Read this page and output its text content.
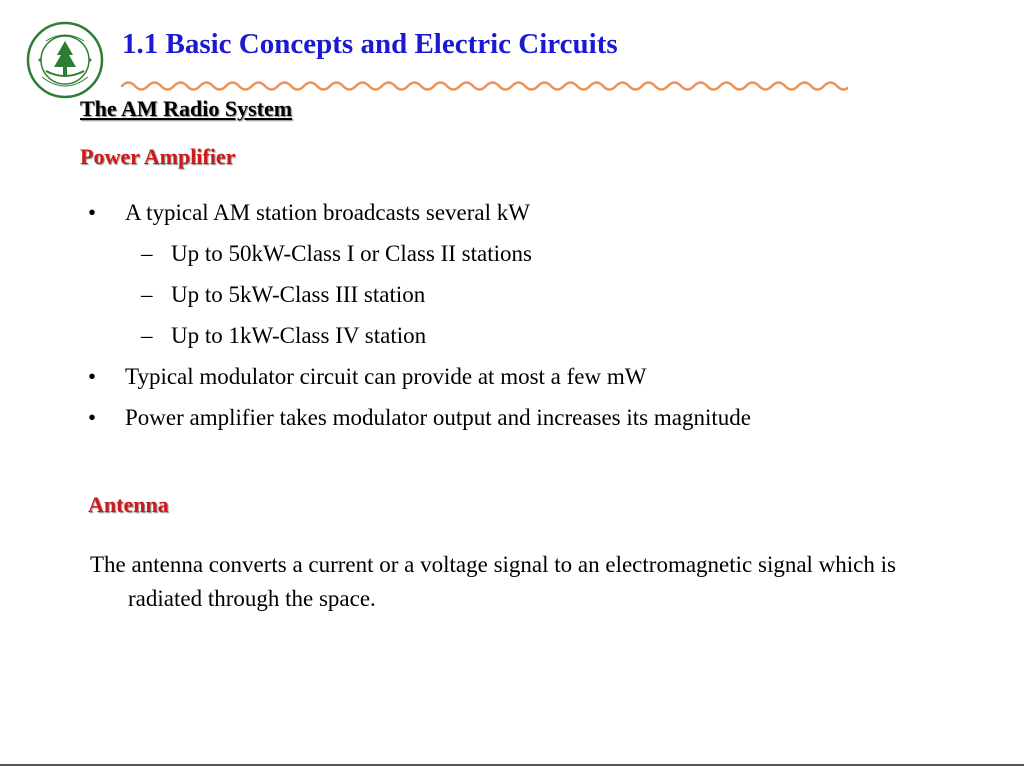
1.1 Basic Concepts and Electric Circuits
The AM Radio System
Power Amplifier
• A typical AM station broadcasts several kW
– Up to 50kW-Class I or Class II stations
– Up to 5kW-Class III station
– Up to 1kW-Class IV station
• Typical modulator circuit can provide at most a few mW
• Power amplifier takes modulator output and increases its magnitude
Antenna
The antenna converts a current or a voltage signal to an electromagnetic signal which is radiated through the space.
